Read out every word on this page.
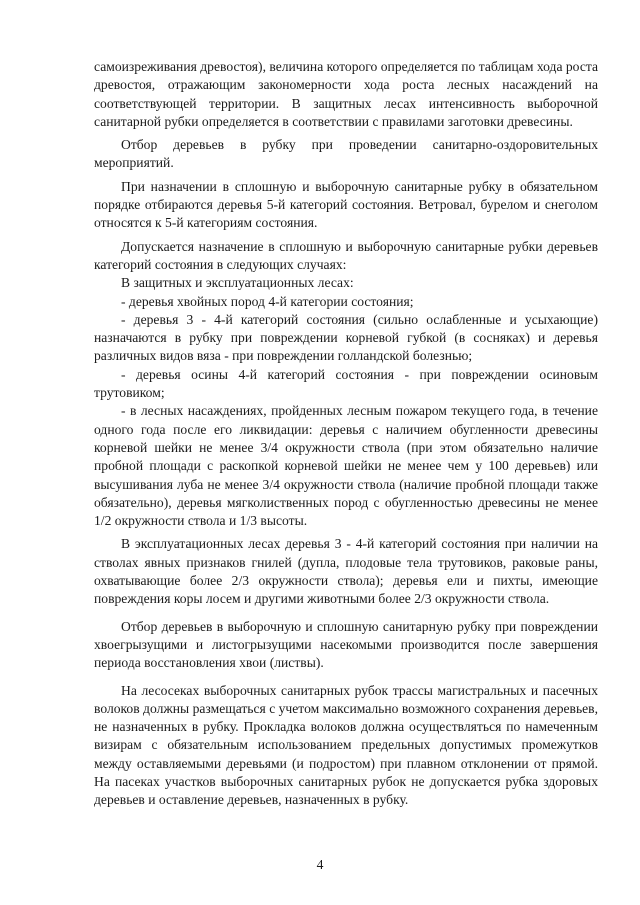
самоизреживания древостоя), величина которого определяется по таблицам хода роста древостоя, отражающим закономерности хода роста лесных насаждений на соответствующей территории. В защитных лесах интенсивность выборочной санитарной рубки определяется в соответствии с правилами заготовки древесины.

Отбор деревьев в рубку при проведении санитарно-оздоровительных мероприятий.

При назначении в сплошную и выборочную санитарные рубку в обязательном порядке отбираются деревья 5-й категорий состояния. Ветровал, бурелом и снеголом относятся к 5-й категориям состояния.

Допускается назначение в сплошную и выборочную санитарные рубки деревьев категорий состояния в следующих случаях:

В защитных и эксплуатационных лесах:

- деревья хвойных пород 4-й категории состояния;

- деревья 3 - 4-й категорий состояния (сильно ослабленные и усыхающие) назначаются в рубку при повреждении корневой губкой (в сосняках) и деревья различных видов вяза - при повреждении голландской болезнью;

- деревья осины 4-й категорий состояния - при повреждении осиновым трутовиком;

- в лесных насаждениях, пройденных лесным пожаром текущего года, в течение одного года после его ликвидации: деревья с наличием обугленности древесины корневой шейки не менее 3/4 окружности ствола (при этом обязательно наличие пробной площади с раскопкой корневой шейки не менее чем у 100 деревьев) или высушивания луба не менее 3/4 окружности ствола (наличие пробной площади также обязательно), деревья мягколиственных пород с обугленностью древесины не менее 1/2 окружности ствола и 1/3 высоты.

В эксплуатационных лесах деревья 3 - 4-й категорий состояния при наличии на стволах явных признаков гнилей (дупла, плодовые тела трутовиков, раковые раны, охватывающие более 2/3 окружности ствола); деревья ели и пихты, имеющие повреждения коры лосем и другими животными более 2/3 окружности ствола.

Отбор деревьев в выборочную и сплошную санитарную рубку при повреждении хвоегрызущими и листогрызущими насекомыми производится после завершения периода восстановления хвои (листвы).

На лесосеках выборочных санитарных рубок трассы магистральных и пасечных волоков должны размещаться с учетом максимально возможного сохранения деревьев, не назначенных в рубку. Прокладка волоков должна осуществляться по намеченным визирам с обязательным использованием предельных допустимых промежутков между оставляемыми деревьями (и подростом) при плавном отклонении от прямой. На пасеках участков выборочных санитарных рубок не допускается рубка здоровых деревьев и оставление деревьев, назначенных в рубку.

4
